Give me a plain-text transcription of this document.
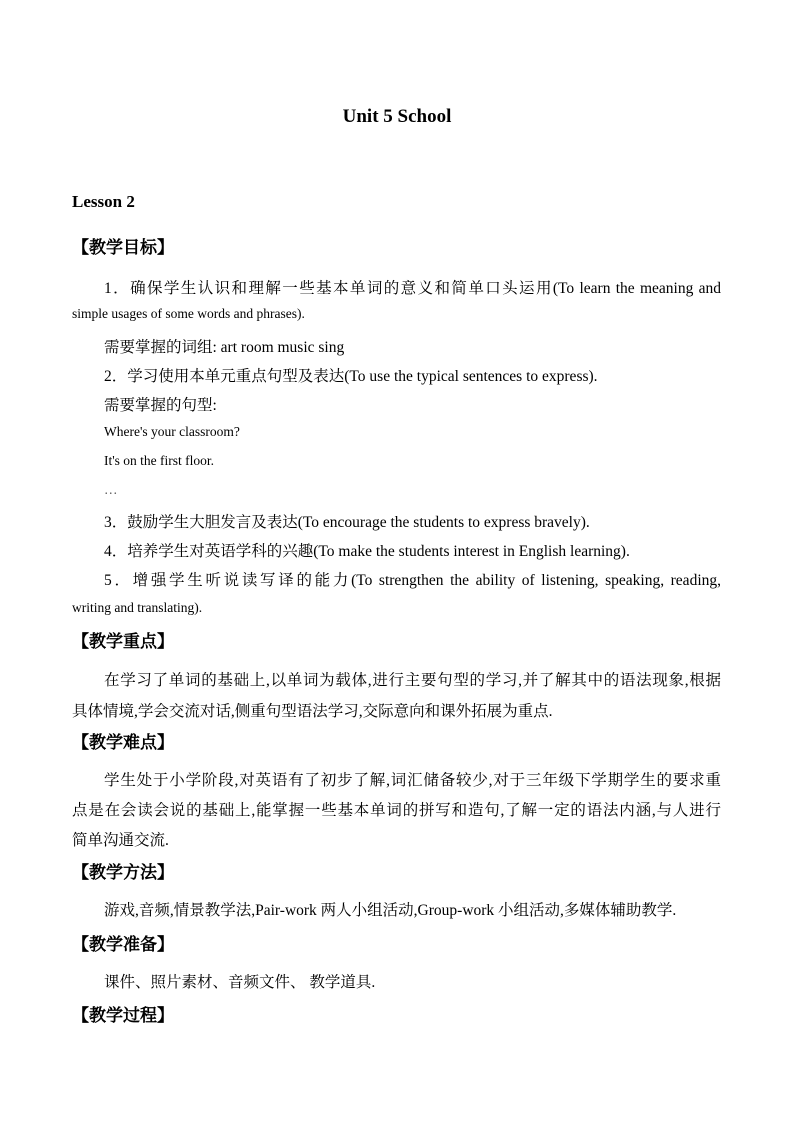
Unit 5 School
Lesson 2
【教学目标】
1．确保学生认识和理解一些基本单词的意义和简单口头运用(To learn the meaning and
simple usages of some words and phrases).
需要掌握的词组: art room music sing
2．学习使用本单元重点句型及表达(To use the typical sentences to express).
需要掌握的句型:
Where's your classroom?
It's on the first floor.
…
3．鼓励学生大胆发言及表达(To encourage the students to express bravely).
4．培养学生对英语学科的兴趣(To make the students interest in English learning).
5．增强学生听说读写译的能力(To strengthen the ability of listening, speaking, reading,
writing and translating).
【教学重点】
在学习了单词的基础上,以单词为载体,进行主要句型的学习,并了解其中的语法现象,根据
具体情境,学会交流对话,侧重句型语法学习,交际意向和课外拓展为重点.
【教学难点】
学生处于小学阶段,对英语有了初步了解,词汇储备较少,对于三年级下学期学生的要求重
点是在会读会说的基础上,能掌握一些基本单词的拼写和造句,了解一定的语法内涵,与人进行
简单沟通交流.
【教学方法】
游戏,音频,情景教学法,Pair-work 两人小组活动,Group-work 小组活动,多媒体辅助教学.
【教学准备】
课件、照片素材、音频文件、 教学道具.
【教学过程】
